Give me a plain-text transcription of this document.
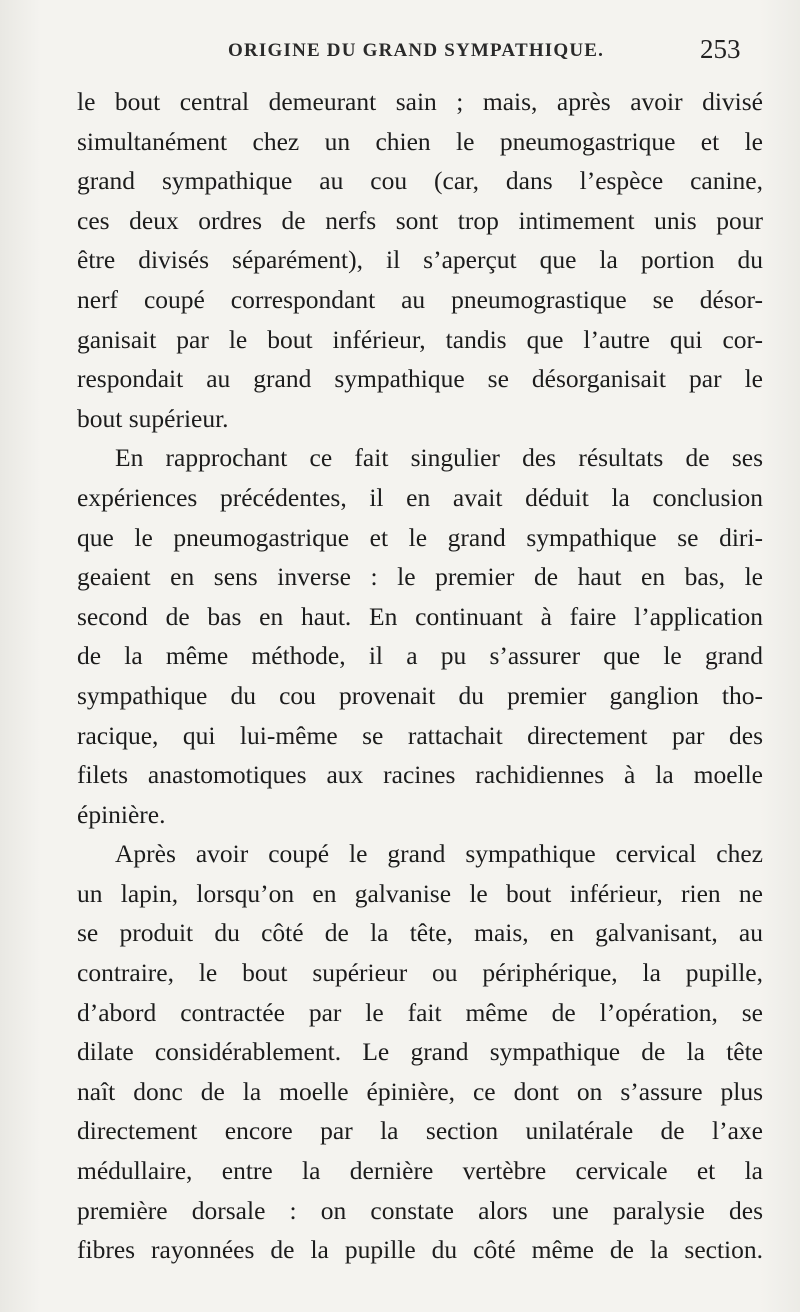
ORIGINE DU GRAND SYMPATHIQUE.	253
le bout central demeurant sain ; mais, après avoir divisé
simultanément chez un chien le pneumogastrique et le
grand sympathique au cou (car, dans l’espèce canine,
ces deux ordres de nerfs sont trop intimement unis pour
être divisés séparément), il s’aperçut que la portion du
nerf coupé correspondant au pneumograstique se désor-
ganisait par le bout inférieur, tandis que l’autre qui cor-
respondait au grand sympathique se désorganisait par le
bout supérieur.
En rapprochant ce fait singulier des résultats de ses
expériences précédentes, il en avait déduit la conclusion
que le pneumogastrique et le grand sympathique se diri-
geaient en sens inverse : le premier de haut en bas, le
second de bas en haut. En continuant à faire l’application
de la même méthode, il a pu s’assurer que le grand
sympathique du cou provenait du premier ganglion tho-
racique, qui lui-même se rattachait directement par des
filets anastomotiques aux racines rachidiennes à la moelle
épinière.
Après avoir coupé le grand sympathique cervical chez
un lapin, lorsqu’on en galvanise le bout inférieur, rien ne
se produit du côté de la tête, mais, en galvanisant, au
contraire, le bout supérieur ou périphérique, la pupille,
d’abord contractée par le fait même de l’opération, se
dilate considérablement. Le grand sympathique de la tête
naît donc de la moelle épinière, ce dont on s’assure plus
directement encore par la section unilatérale de l’axe
médullaire, entre la dernière vertèbre cervicale et la
première dorsale : on constate alors une paralysie des
fibres rayonnées de la pupille du côté même de la section.
